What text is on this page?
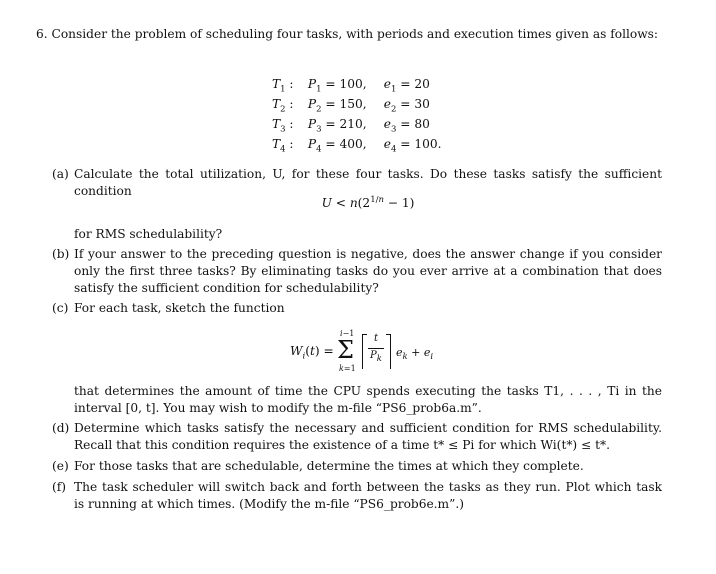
6. Consider the problem of scheduling four tasks, with periods and execution times given as follows:
$T_1$ : $P_1 = 100$, $e_1 = 20$
$T_2$ : $P_2 = 150$, $e_2 = 30$
$T_3$ : $P_3 = 210$, $e_3 = 80$
$T_4$ : $P_4 = 400$, $e_4 = 100$.
(a) Calculate the total utilization, U, for these four tasks. Do these tasks satisfy the sufficient condition
$U < n(2^{1/n} - 1)$
for RMS schedulability?
(b) If your answer to the preceding question is negative, does the answer change if you consider only the first three tasks? By eliminating tasks do you ever arrive at a combination that does satisfy the sufficient condition for schedulability?
(c) For each task, sketch the function
$W_i(t)$ =
i−1
Σ
k=1
t
$P_k$ $e_k + e_i$
that determines the amount of time the CPU spends executing the tasks T1, . . . , Ti in the interval [0, t]. You may wish to modify the m-file “PS6_prob6a.m”.
(d) Determine which tasks satisfy the necessary and sufficient condition for RMS schedulability. Recall that this condition requires the existence of a time t* ≤ Pi for which Wi(t*) ≤ t*.
(e) For those tasks that are schedulable, determine the times at which they complete.
(f) The task scheduler will switch back and forth between the tasks as they run. Plot which task is running at which times. (Modify the m-file “PS6_prob6e.m”.)
